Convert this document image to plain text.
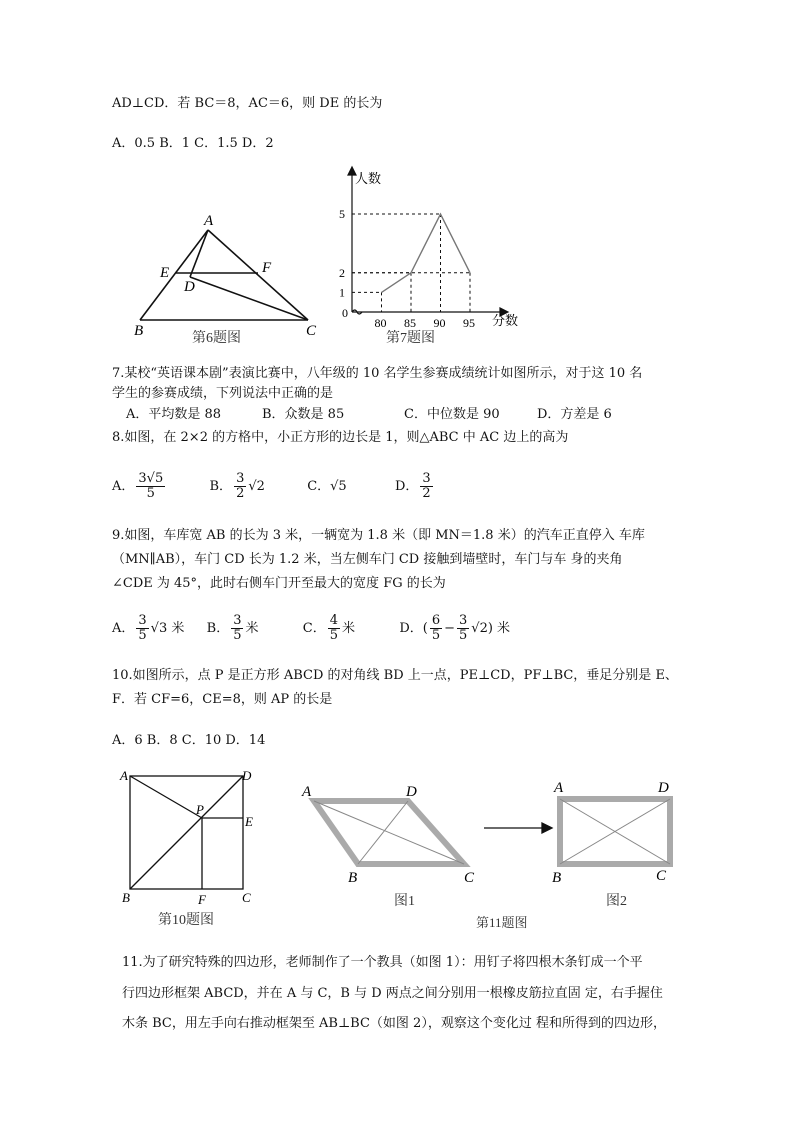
AD⊥CD．若 BC＝8，AC＝6，则 DE 的长为
A．0.5 B．1 C．1.5 D．2
A
E	F
D
B	C
第6题图
0
80 85 90 95
1
2
5
人数
分数
第7题图
7.某校“英语课本剧”表演比赛中，八年级的 10 名学生参赛成绩统计如图所示，对于这 10 名
学生的参赛成绩，下列说法中正确的是
A．平均数是 88	B．众数是 85	C．中位数是 90	D．方差是 6
8.如图，在 2×2 的方格中，小正方形的边长是 1，则△ABC 中 AC 边上的高为
A． $\frac{3√5}{5}$	B． $\frac{3}{2} √2$	C．√5	D． $\frac{3}{2}$
9.如图，车库宽 AB 的长为 3 米，一辆宽为 1.8 米（即 MN＝1.8 米）的汽车正直停入 车库
（MN∥AB），车门 CD 长为 1.2 米，当左侧车门 CD 接触到墙壁时，车门与车 身的夹角
∠CDE 为 45°，此时右侧车门开至最大的宽度 FG 的长为
A． $\frac{3}{5} √3$ 米 B． $\frac{3}{5}$ 米	C． $\frac{4}{5}$ 米	D．( $\frac{6}{5} - \frac{3}{5} √2$) 米
10.如图所示，点 P 是正方形 ABCD 的对角线 BD 上一点，PE⊥CD，PF⊥BC，垂足分别是 E、
F．若 CF=6，CE=8，则 AP 的长是
A．6 B．8 C．10 D．14
A	D
P
E
B	F	C
第10题图
A	D
B	C
图1
A	D
B	C
图2
第11题图
11.为了研究特殊的四边形，老师制作了一个教具（如图 1）：用钉子将四根木条钉成一个平
行四边形框架 ABCD，并在 A 与 C，B 与 D 两点之间分别用一根橡皮筋拉直固 定，右手握住
木条 BC，用左手向右推动框架至 AB⊥BC（如图 2），观察这个变化过 程和所得到的四边形，
